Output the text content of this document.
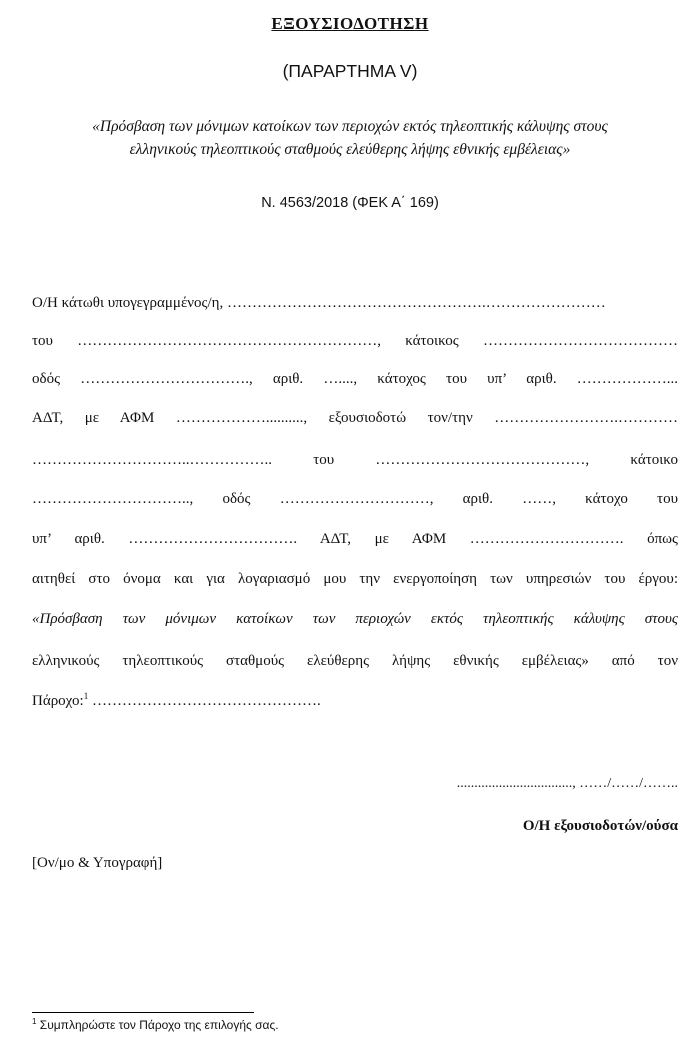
ΕΞΟΥΣΙΟΔΟΤΗΣΗ
(ΠΑΡΑΡΤΗΜΑ V)
«Πρόσβαση των μόνιμων κατοίκων των περιοχών εκτός τηλεοπτικής κάλυψης στους
ελληνικούς τηλεοπτικούς σταθμούς ελεύθερης λήψης εθνικής εμβέλειας»
Ν. 4563/2018 (ΦΕΚ Α΄ 169)
Ο/Η κάτωθι υπογεγραμμένος/η, …………………………………………….……………………
του ……………………………………………………, κάτοικος …………………………………
οδός ……………………………., αριθ. …...., κάτοχος του υπ’ αριθ. ………………...
ΑΔΤ, με ΑΦΜ ……………….........., εξουσιοδοτώ τον/την …………………….…………
…………………………..…………….. του ……………………………………, κάτοικο
………………………….., οδός …………………………, αριθ. ……, κάτοχο του
υπ’ αριθ. ……………………………. ΑΔΤ, με ΑΦΜ …………………………. όπως
αιτηθεί στο όνομα και για λογαριασμό μου την ενεργοποίηση των υπηρεσιών του έργου:
«Πρόσβαση των μόνιμων κατοίκων των περιοχών εκτός τηλεοπτικής κάλυψης στους
ελληνικούς τηλεοπτικούς σταθμούς ελεύθερης λήψης εθνικής εμβέλειας» από τον
Πάροχο:$^1$ ……………………………………….
................................., ……/……/……..
Ο/Η εξουσιοδοτών/ούσα
[Ον/μο & Υπογραφή]
$^1$ Συμπληρώστε τον Πάροχο της επιλογής σας.
